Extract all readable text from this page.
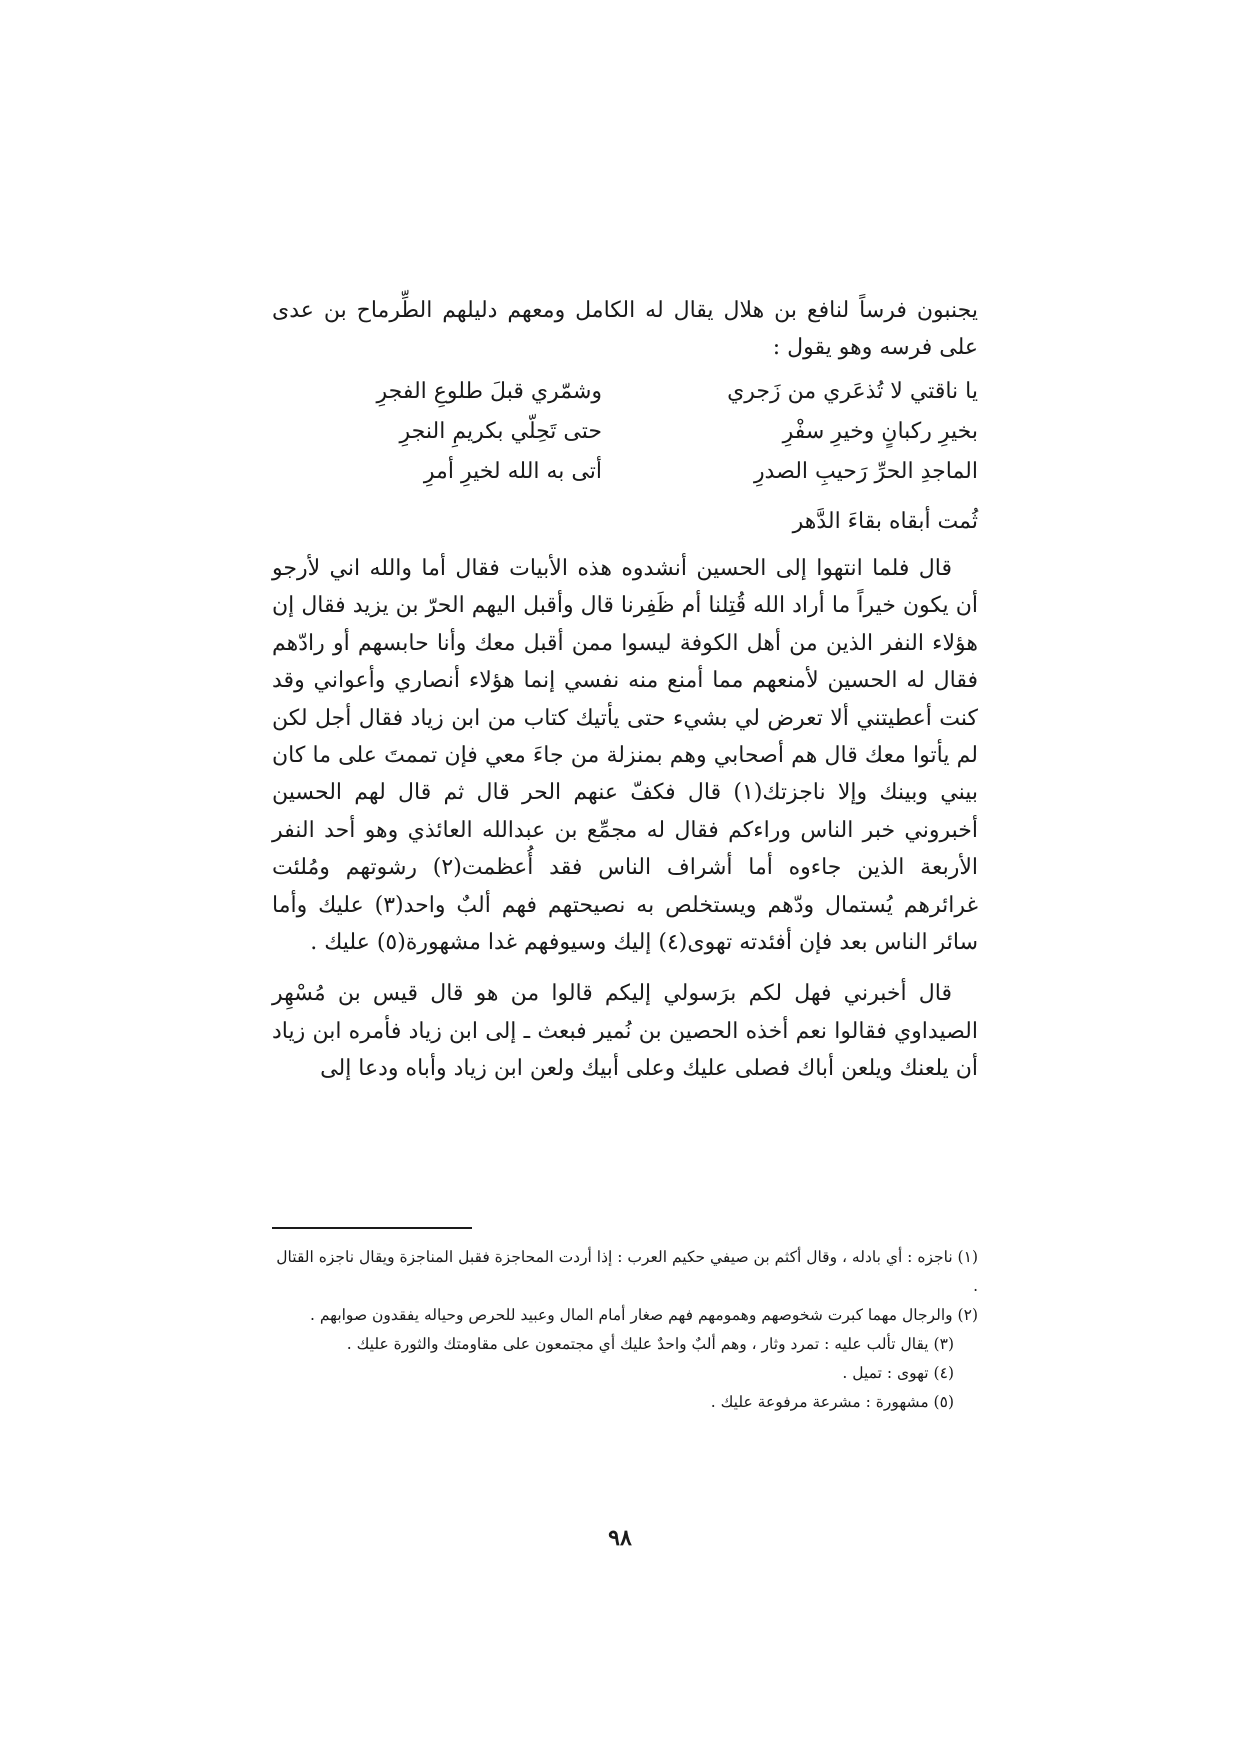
يجنبون فرساً لنافع بن هلال يقال له الكامل ومعهم دليلهم الطِّرماح بن عدى على فرسه وهو يقول :

يا ناقتي لا تُذعَري من زَجري
وشمّري قبلَ طلوعِ الفجرِ
بخيرِ ركبانٍ وخيرِ سفْرِ
حتى تَحِلّي بكريمِ النجرِ
الماجدِ الحرِّ رَحيبِ الصدرِ
أتى به الله لخيرِ أمرِ
ثُمت أبقاه بقاءَ الدَّهر

قال فلما انتهوا إلى الحسين أنشدوه هذه الأبيات فقال أما والله اني لأرجو أن يكون خيراً ما أراد الله قُتِلنا أم ظَفِرنا قال وأقبل اليهم الحرّ بن يزيد فقال إن هؤلاء النفر الذين من أهل الكوفة ليسوا ممن أقبل معك وأنا حابسهم أو رادّهم فقال له الحسين لأمنعهم مما أمنع منه نفسي إنما هؤلاء أنصاري وأعواني وقد كنت أعطيتني ألا تعرض لي بشيء حتى يأتيك كتاب من ابن زياد فقال أجل لكن لم يأتوا معك قال هم أصحابي وهم بمنزلة من جاءَ معي فإن تممتَ على ما كان بيني وبينك وإلا ناجزتك(١) قال فكفّ عنهم الحر قال ثم قال لهم الحسين أخبروني خبر الناس وراءكم فقال له مجمِّع بن عبدالله العائذي وهو أحد النفر الأربعة الذين جاءوه أما أشراف الناس فقد أُعظمت(٢) رشوتهم ومُلئت غرائرهم يُستمال ودّهم ويستخلص به نصيحتهم فهم ألبٌ واحد(٣) عليك وأما سائر الناس بعد فإن أفئدته تهوى(٤) إليك وسيوفهم غدا مشهورة(٥) عليك .

قال أخبرني فهل لكم برَسولي إليكم قالوا من هو قال قيس بن مُسْهِر الصيداوي فقالوا نعم أخذه الحصين بن نُمير فبعث ـ إلى ابن زياد فأمره ابن زياد أن يلعنك ويلعن أباك فصلى عليك وعلى أبيك ولعن ابن زياد وأباه ودعا إلى

(١) ناجزه : أي بادله ، وقال أكثم بن صيفي حكيم العرب : إذا أردت المحاجزة فقبل المناجزة ويقال ناجزه القتال .

(٢) والرجال مهما كبرت شخوصهم وهمومهم فهم صغار أمام المال وعبيد للحرص وحياله يفقدون صوابهم .

(٣) يقال تألب عليه : تمرد وثار ، وهم ألبٌ واحدٌ عليك أي مجتمعون على مقاومتك والثورة عليك .

(٤) تهوى : تميل .

(٥) مشهورة : مشرعة مرفوعة عليك .

٩٨
